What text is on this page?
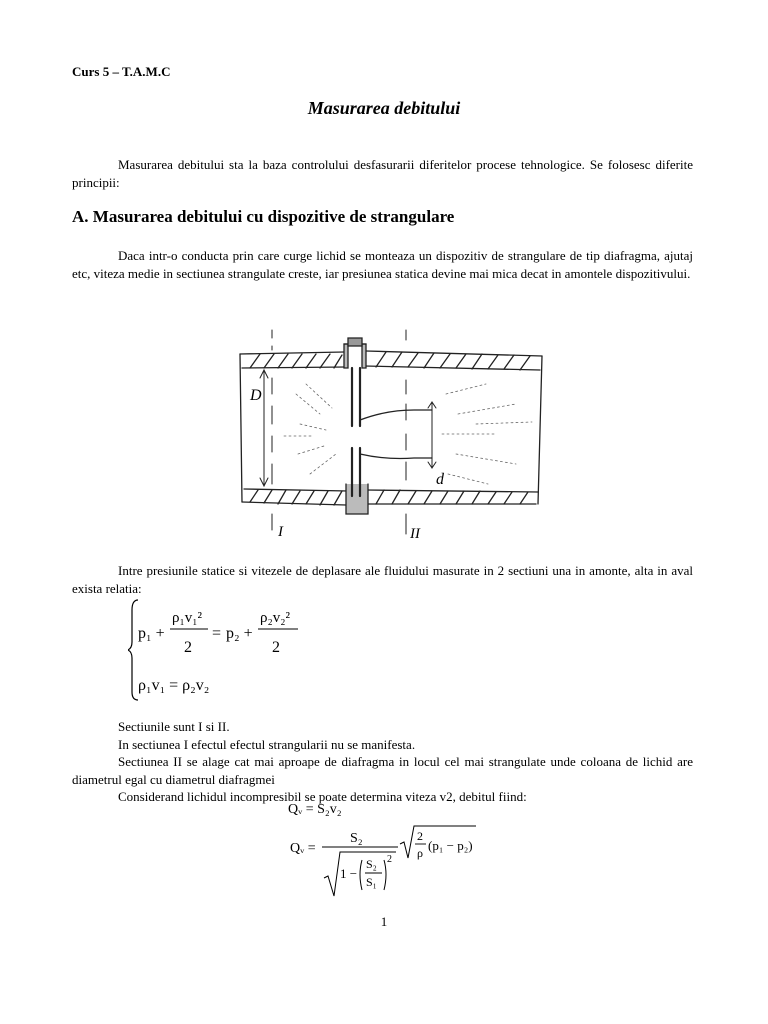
Curs 5 – T.A.M.C
Masurarea debitului
Masurarea debitului sta la baza controlului desfasurarii diferitelor procese tehnologice. Se folosesc diferite principii:
A. Masurarea debitului cu dispozitive de strangulare
Daca intr-o conducta prin care curge lichid se monteaza un dispozitiv de strangulare de tip diafragma, ajutaj etc, viteza medie in sectiunea strangulate creste, iar presiunea statica devine mai mica decat in amontele dispozitivului.
D
d
I	II
Intre presiunile statice si vitezele de deplasare ale fluidului masurate in 2 sectiuni una in amonte, alta in aval exista relatia:
p₁ +
ρ₁v₁²
2
= p₂ +
ρ₂v₂²
2
ρ₁v₁ = ρ₂v₂
Sectiunile sunt I si II.
In sectiunea I efectul efectul strangularii nu se manifesta.
Sectiunea II se alage cat mai aproape de diafragma in locul cel mai strangulate unde coloana de lichid are diametrul egal cu diametrul diafragmei
Considerand lichidul incompresibil se poate determina viteza v2, debitul fiind:
Qᵥ = S₂v₂
Qᵥ =
S₂
1 −
S₂
S₁
2
2
ρ (p₁ − p₂)
1
